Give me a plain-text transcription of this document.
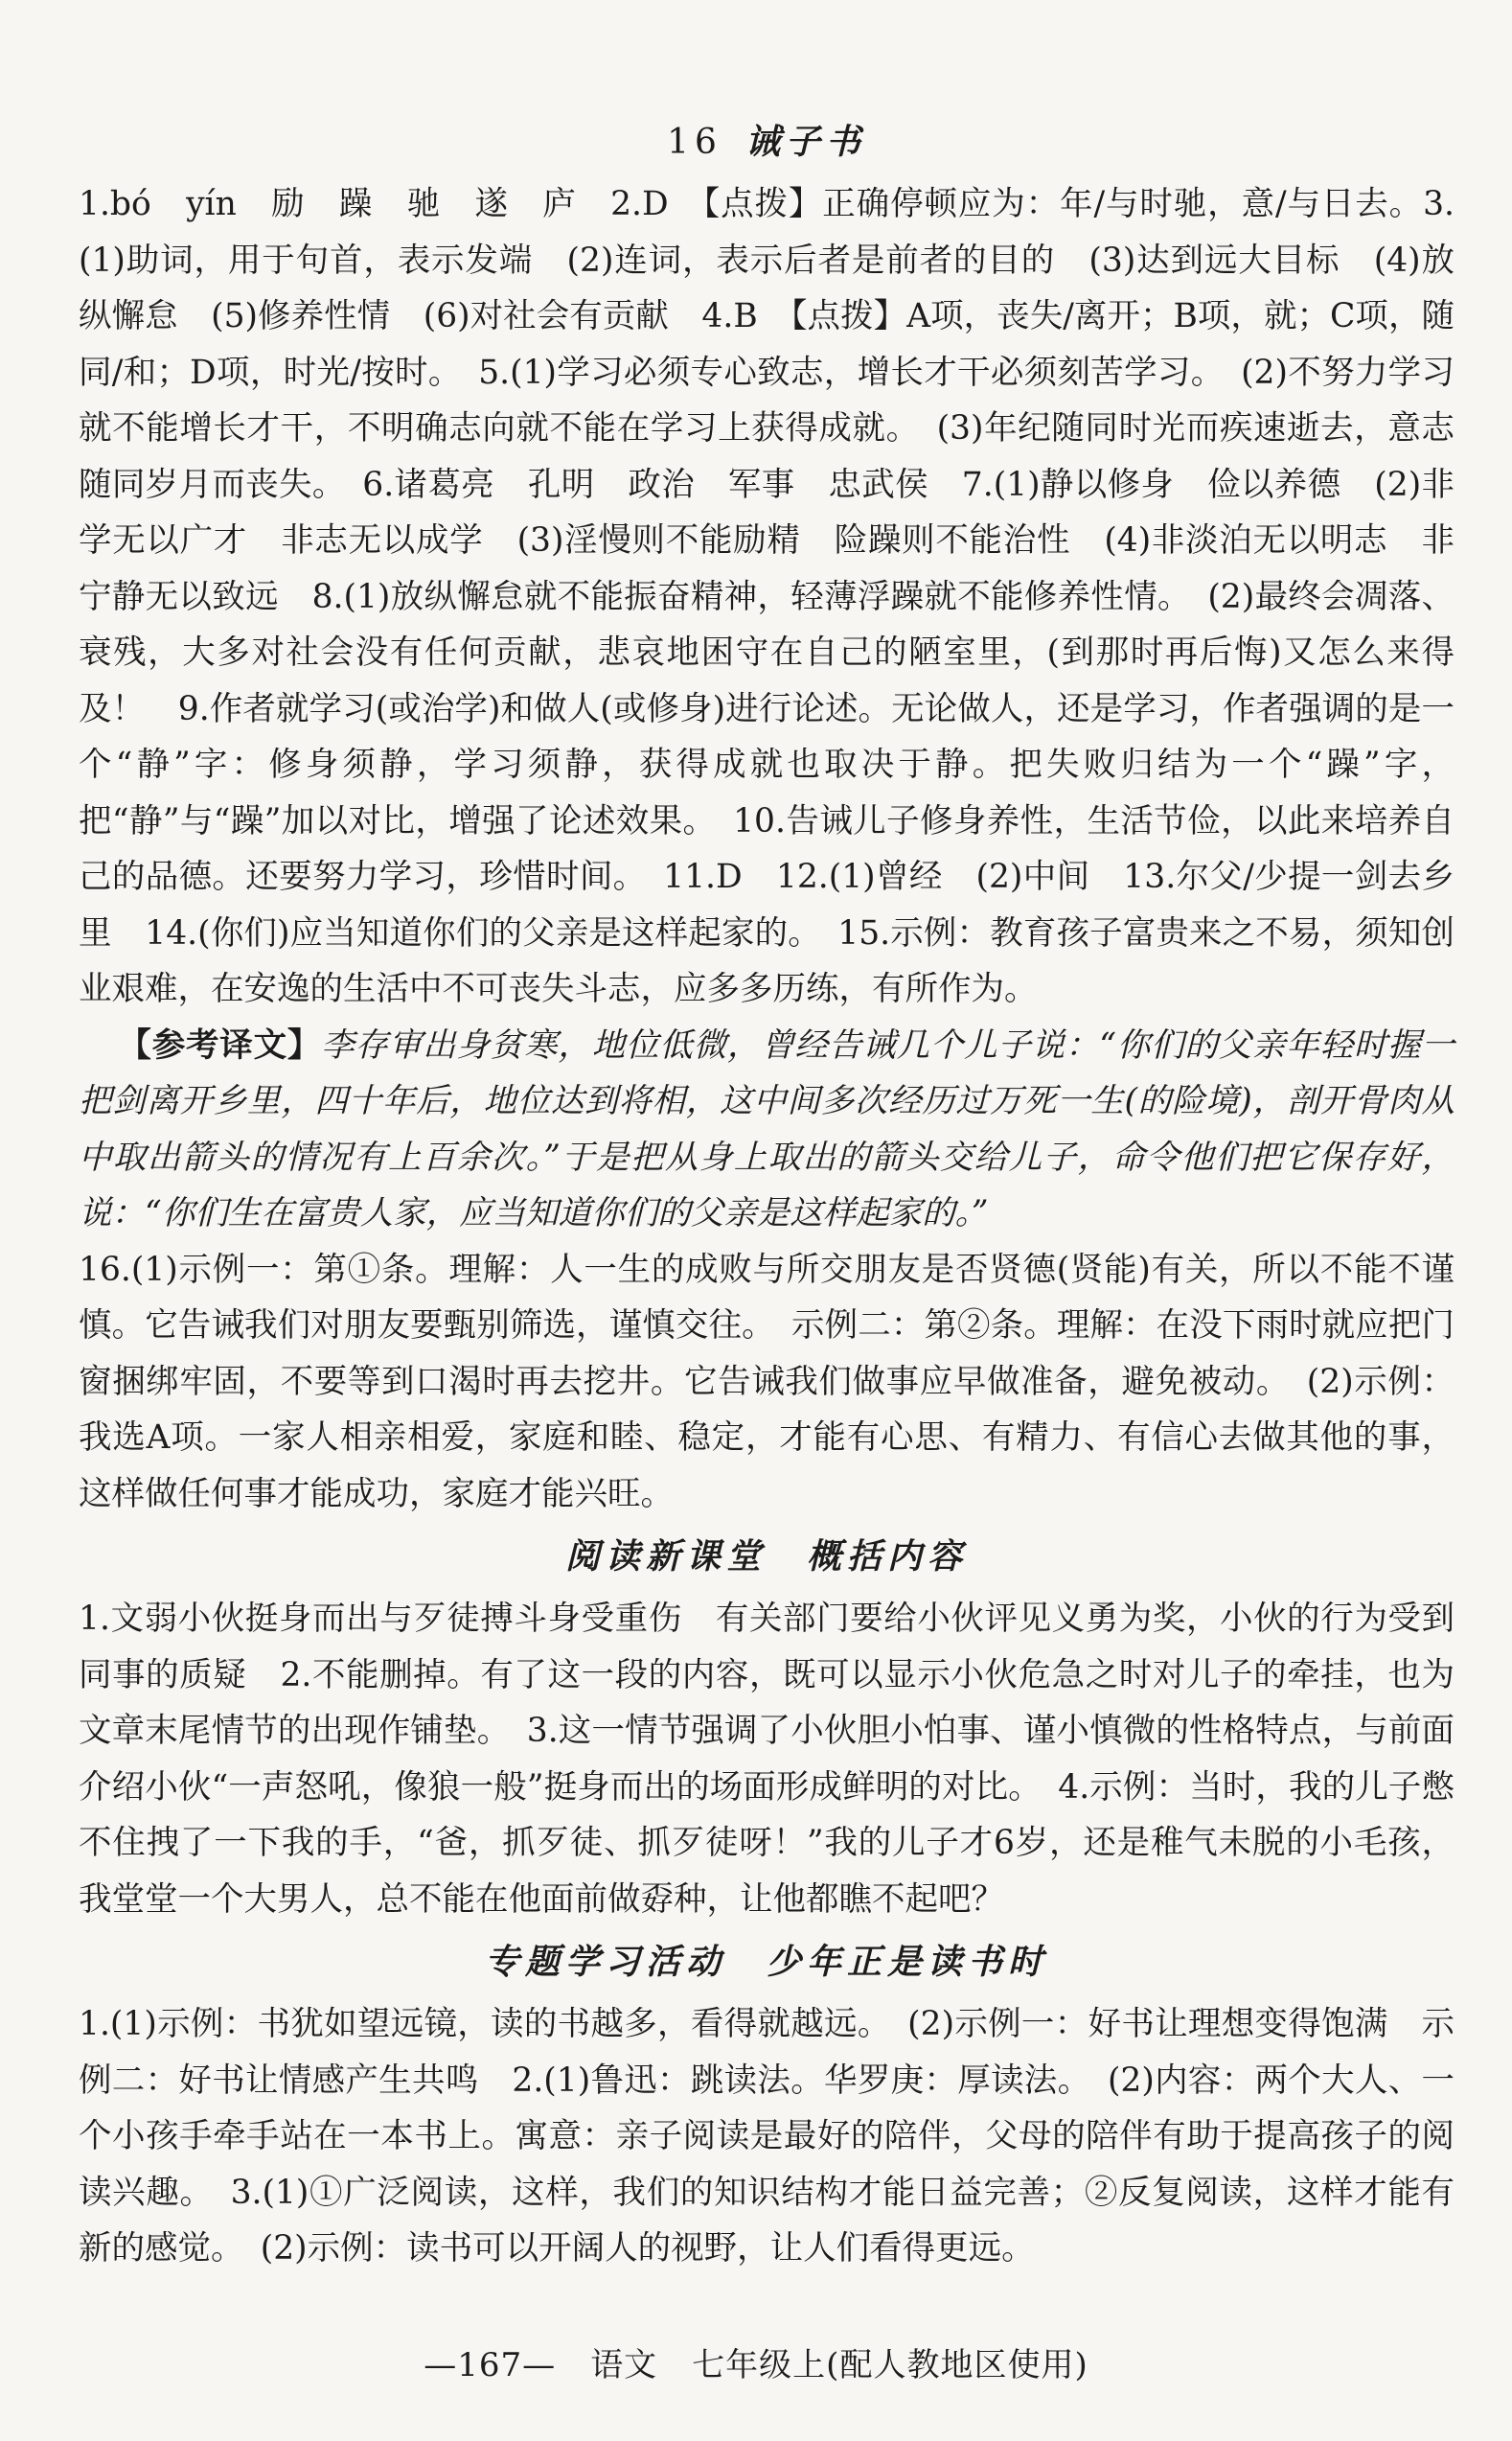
16 诫子书

1.bó　yín　励　躁　驰　遂　庐　2.D　【点拨】正确停顿应为：年/与时驰，意/与日去。3.(1)助词，用于句首，表示发端　(2)连词，表示后者是前者的目的　(3)达到远大目标　(4)放纵懈怠　(5)修养性情　(6)对社会有贡献　4.B　【点拨】A项，丧失/离开；B项，就；C项，随同/和；D项，时光/按时。　5.(1)学习必须专心致志，增长才干必须刻苦学习。　(2)不努力学习就不能增长才干，不明确志向就不能在学习上获得成就。　(3)年纪随同时光而疾速逝去，意志随同岁月而丧失。　6.诸葛亮　孔明　政治　军事　忠武侯　7.(1)静以修身　俭以养德　(2)非学无以广才　非志无以成学　(3)淫慢则不能励精　险躁则不能治性　(4)非淡泊无以明志　非宁静无以致远　8.(1)放纵懈怠就不能振奋精神，轻薄浮躁就不能修养性情。　(2)最终会凋落、衰残，大多对社会没有任何贡献，悲哀地困守在自己的陋室里，(到那时再后悔)又怎么来得及！　9.作者就学习(或治学)和做人(或修身)进行论述。无论做人，还是学习，作者强调的是一个“静”字：修身须静，学习须静，获得成就也取决于静。把失败归结为一个“躁”字，把“静”与“躁”加以对比，增强了论述效果。　10.告诫儿子修身养性，生活节俭，以此来培养自己的品德。还要努力学习，珍惜时间。　11.D　12.(1)曾经　(2)中间　13.尔父/少提一剑去乡里　14.(你们)应当知道你们的父亲是这样起家的。　15.示例：教育孩子富贵来之不易，须知创业艰难，在安逸的生活中不可丧失斗志，应多多历练，有所作为。

【参考译文】李存审出身贫寒，地位低微，曾经告诫几个儿子说：“你们的父亲年轻时握一把剑离开乡里，四十年后，地位达到将相，这中间多次经历过万死一生(的险境)，剖开骨肉从中取出箭头的情况有上百余次。”于是把从身上取出的箭头交给儿子，命令他们把它保存好，说：“你们生在富贵人家，应当知道你们的父亲是这样起家的。”

16.(1)示例一：第①条。理解：人一生的成败与所交朋友是否贤德(贤能)有关，所以不能不谨慎。它告诫我们对朋友要甄别筛选，谨慎交往。　示例二：第②条。理解：在没下雨时就应把门窗捆绑牢固，不要等到口渴时再去挖井。它告诫我们做事应早做准备，避免被动。　(2)示例：我选A项。一家人相亲相爱，家庭和睦、稳定，才能有心思、有精力、有信心去做其他的事，这样做任何事才能成功，家庭才能兴旺。

阅读新课堂　概括内容

1.文弱小伙挺身而出与歹徒搏斗身受重伤　有关部门要给小伙评见义勇为奖，小伙的行为受到同事的质疑　2.不能删掉。有了这一段的内容，既可以显示小伙危急之时对儿子的牵挂，也为文章末尾情节的出现作铺垫。　3.这一情节强调了小伙胆小怕事、谨小慎微的性格特点，与前面介绍小伙“一声怒吼，像狼一般”挺身而出的场面形成鲜明的对比。　4.示例：当时，我的儿子憋不住拽了一下我的手，“爸，抓歹徒、抓歹徒呀！”我的儿子才6岁，还是稚气未脱的小毛孩，我堂堂一个大男人，总不能在他面前做孬种，让他都瞧不起吧？

专题学习活动　少年正是读书时

1.(1)示例：书犹如望远镜，读的书越多，看得就越远。　(2)示例一：好书让理想变得饱满　示例二：好书让情感产生共鸣　2.(1)鲁迅：跳读法。华罗庚：厚读法。　(2)内容：两个大人、一个小孩手牵手站在一本书上。寓意：亲子阅读是最好的陪伴，父母的陪伴有助于提高孩子的阅读兴趣。　3.(1)①广泛阅读，这样，我们的知识结构才能日益完善；②反复阅读，这样才能有新的感觉。　(2)示例：读书可以开阔人的视野，让人们看得更远。

—167— 语文 七年级上(配人教地区使用)
